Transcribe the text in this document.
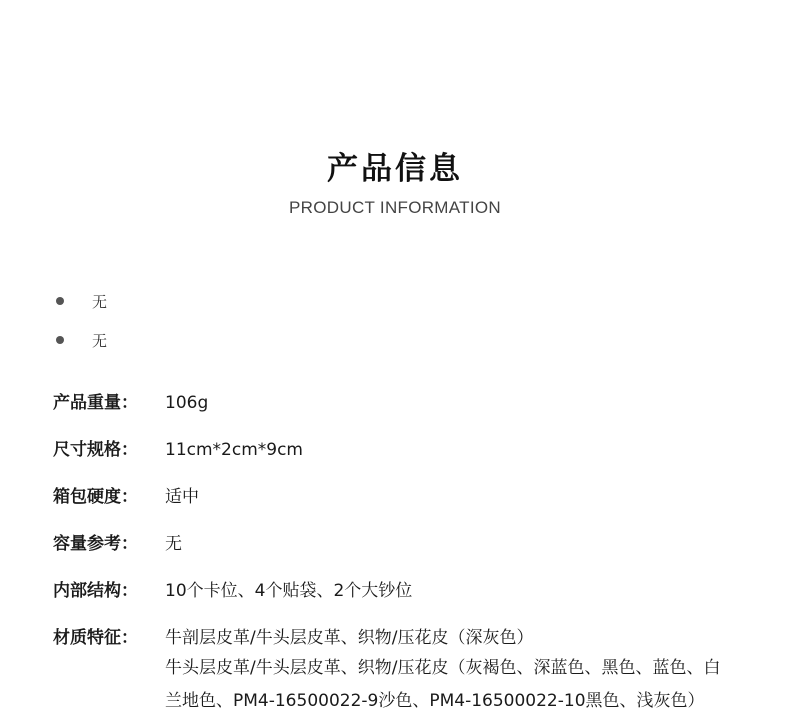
产品信息
PRODUCT INFORMATION
无
无
产品重量：	106g
尺寸规格：	11cm*2cm*9cm
箱包硬度：	适中
容量参考：	无
内部结构：	10个卡位、4个贴袋、2个大钞位
材质特征：	牛剖层皮革/牛头层皮革、织物/压花皮（深灰色）
牛头层皮革/牛头层皮革、织物/压花皮（灰褐色、深蓝色、黑色、蓝色、白
兰地色、PM4-16500022-9沙色、PM4-16500022-10黑色、浅灰色）
